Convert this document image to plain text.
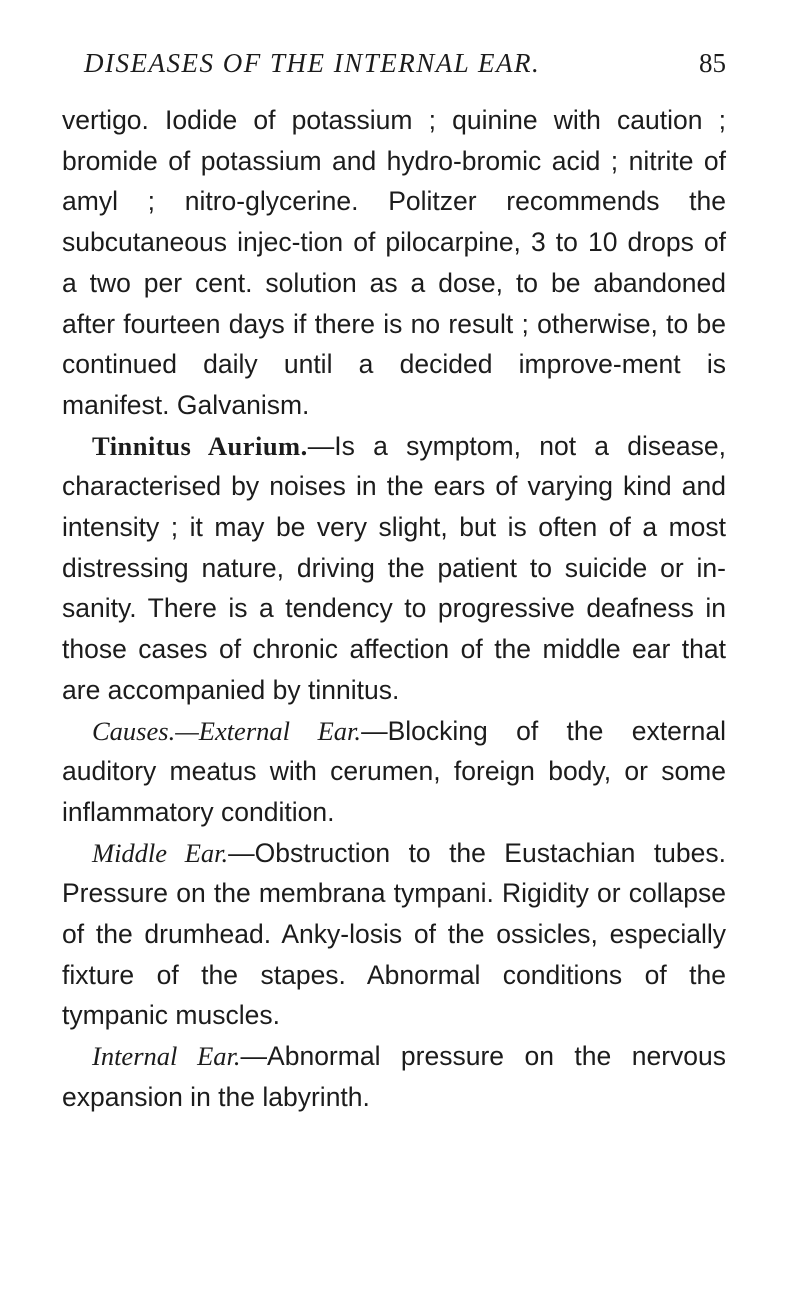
DISEASES OF THE INTERNAL EAR.	85

vertigo. Iodide of potassium ; quinine with caution ; bromide of potassium and hydro-bromic acid ; nitrite of amyl ; nitro-glycerine. Politzer recommends the subcutaneous injec-tion of pilocarpine, 3 to 10 drops of a two per cent. solution as a dose, to be abandoned after fourteen days if there is no result ; otherwise, to be continued daily until a decided improve-ment is manifest. Galvanism.

Tinnitus Aurium.—Is a symptom, not a disease, characterised by noises in the ears of varying kind and intensity ; it may be very slight, but is often of a most distressing nature, driving the patient to suicide or in-sanity. There is a tendency to progressive deafness in those cases of chronic affection of the middle ear that are accompanied by tinnitus.

Causes.—External Ear.—Blocking of the external auditory meatus with cerumen, foreign body, or some inflammatory condition.

Middle Ear.—Obstruction to the Eustachian tubes. Pressure on the membrana tympani. Rigidity or collapse of the drumhead. Anky-losis of the ossicles, especially fixture of the stapes. Abnormal conditions of the tympanic muscles.

Internal Ear.—Abnormal pressure on the nervous expansion in the labyrinth.
